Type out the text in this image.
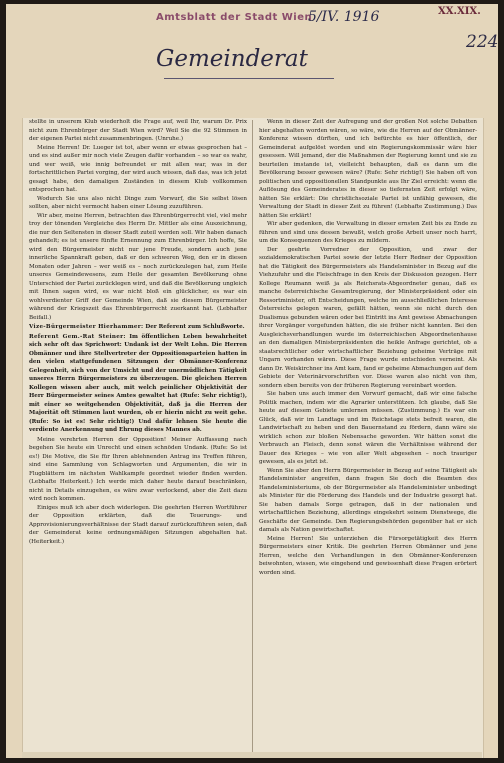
Amtsblatt der Stadt Wien
5/IV. 1916	XX.XIX.
224
Gemeinderat

stellte in unserem Klub wiederholt die Frage auf, weil Ihr, warum Dr. Prix nicht zum Ehrenbürger der Stadt Wien wird? Weil Sie die 92 Stimmen in der eigenen Partei nicht zusammenbringen. (Unruhe.)

Meine Herren! Dr. Lueger ist tot, aber wenn er etwas gesprochen hat – und es sind außer mir noch viele Zeugen dafür vorhanden – so war es wahr, und wer weiß, wie innig befreundet er mit allen war, was in der fortschrittlichen Partei vorging, der wird auch wissen, daß das, was ich jetzt gesagt habe, den damaligen Zuständen in diesem Klub vollkommen entsprochen hat.

Wodurch Sie uns also nicht Dinge zum Vorwurf, die Sie selbst lösen sollten, aber nicht vermocht haben einer Lösung zuzuführen.

Wir aber, meine Herren, betrachten das Ehrenbürgerrecht viel, viel mehr troy der tönenden Vergleiche des Herrn Dr. Mittler als eine Auszeichnung, die nur den Seltensten in dieser Stadt zuteil werden soll. Wir haben danach gehandelt; es ist unsere fünfte Ernennung zum Ehrenbürger. Ich hoffe, Sie wird den Bürgermeister nicht nur jene Freude, sondern auch jene innerliche Spannkraft geben, daß er den schweren Weg, den er in diesen Monaten oder Jahren – wer weiß es – noch zurückzulegen hat, zum Heile unseres Gemeindewesens, zum Heile der gesamten Bevölkerung ohne Unterschied der Partei zurücklegen wird, und daß die Bevölkerung ungleich mit Ihnen sagen wird, es war nicht bloß ein glücklicher, es war ein wohlverdienter Griff der Gemeinde Wien, daß sie diesem Bürgermeister während der Kriegszeit das Ehrenbürgerrecht zuerkannt hat. (Lebhafter Beifall.)

Vize-Bürgermeister Hierhammer: Der Referent zum Schlußworte.

Referent Gem.-Rat Steiner: Im öffentlichen Leben bewahrheitet sich sehr oft das Sprichwort: Undank ist der Welt Lohn. Die Herren Obmänner und ihre Stellvertreter der Oppositionsparteien hatten in den vielen stattgefundenen Sitzungen der Obmänner-Konferenz Gelegenheit, sich von der Umsicht und der unermüdlichen Tätigkeit unseres Herrn Bürgermeisters zu überzeugen. Die gleichen Herren Kollegen wissen aber auch, mit welch peinlicher Objektivität der Herr Bürgermeister seines Amtes gewaltet hat (Rufe: Sehr richtig!), mit einer so weitgehenden Objektivität, daß ja die Herren der Majorität oft Stimmen laut wurden, ob er hierin nicht zu weit gehe. (Rufe: So ist es! Sehr richtig!) Und dafür lehnen Sie heute die verdiente Anerkennung und Ehrung dieses Mannes ab.

Meine verehrten Herren der Opposition! Meiner Auffassung nach begehen Sie heute ein Unrecht und einen schnöden Undank. (Rufe: So ist es!) Die Motive, die Sie für Ihren ablehnenden Antrag ins Treffen führen, sind eine Sammlung von Schlagworten und Argumenten, die wir in Flugblättern im nächsten Wahlkampfe geordnet wieder finden werden. (Lebhafte Heiterkeit.) Ich werde mich daher heute darauf beschränken, nicht in Details einzugehen, es wäre zwar verlockend, aber die Zeit dazu wird noch kommen.

Einiges muß ich aber doch widerlegen. Die geehrten Herren Wortführer der Opposition erklärten, daß die Teuerungs- und Approvisionierungsverhältnisse der Stadt darauf zurückzuführen seien, daß der Gemeinderat keine ordnungsmäßigen Sitzungen abgehalten hat. (Heiterkeit.)

Wenn in dieser Zeit der Aufregung und der großen Not solche Debatten hier abgehalten worden wären, so wäre, wie die Herren auf der Obmänner-Konferenz wissen dürften, und ich befürchte es hier öffentlich, der Gemeinderat aufgelöst worden und ein Regierungskommissär wäre hier gesessen. Will jemand, der die Maßnahmen der Regierung kennt und sie zu beurteilen imstande ist, vielleicht behaupten, daß es dann um die Bevölkerung besser gewesen wäre? (Rufe: Sehr richtig!) Sie haben oft von politischen und oppositionellen Standpunkte aus Ihr Ziel erreicht: wenn die Auflösung des Gemeinderates in dieser so tiefernsten Zeit erfolgt wäre, hätten Sie erklärt: Die christlichsoziale Partei ist unfähig gewesen, die Verwaltung der Stadt in dieser Zeit zu führen! (Lebhafte Zustimmung.) Das hätten Sie erklärt!

Wir aber gedenken, die Verwaltung in dieser ernsten Zeit bis zu Ende zu führen und sind uns dessen bewußt, welch große Arbeit unser noch harrt, um die Konsequenzen des Krieges zu mildern.

Der geehrte Vorredner der Opposition, und zwar der sozialdemokratischen Partei sowie der letzte Herr Redner der Opposition hat die Tätigkeit des Bürgermeisters als Handelsminister in Bezug auf die Viehzufuhr und die Fleischfrage in den Kreis der Diskussion gezogen. Herr Kollege Reumann weiß ja als Reichsrats-Abgeordneter genau, daß es manche österreichische Gesamtregierung, der Ministerpräsident oder ein Ressortminister, oft Entscheidungen, welche im ausschließlichen Interesse Österreichs gelegen waren, gefällt hätten, wenn sie nicht durch den Dualismus gebunden wären oder bei Eintritt ins Amt gewisse Abmachungen ihrer Vorgänger vorgefunden hätten, die sie früher nicht kannten. Bei den Ausgleichsverhandlungen wurde im österreichischen Abgeordnetenhause an den damaligen Ministerpräsidenten die heikle Anfrage gerichtet, ob a staatsrechtlicher oder wirtschaftlicher Beziehung geheime Verträge mit Ungarn vorhanden wären. Diese Frage wurde entschieden verneint. Als dann Dr. Weiskirchner ins Amt kam, fand er geheime Abmachungen auf dem Gebiete der Veterinärvorschriften vor. Diese waren also nicht von ihm, sondern eben bereits von der früheren Regierung vereinbart worden.

Sie haben uns auch immer den Vorwurf gemacht, daß wir eine falsche Politik machen, indem wir die Agrarier unterstützen. Ich glaube, daß Sie heute auf diesem Gebiete umlernen müssen. (Zustimmung.) Es war ein Glück, daß wir im Landtage und im Reichstage stets befreit waren, die Landwirtschaft zu heben und den Bauernstand zu fördern, dann wäre sie wirklich schon zur bloßen Nebensache geworden. Wir hätten sonst die Verbrauch an Fleisch, denn sonst wären die Verhältnisse während der Dauer des Krieges – wie von aller Welt abgesehen – noch trauriger gewesen, als es jetzt ist.

Wenn Sie aber den Herrn Bürgermeister in Bezug auf seine Tätigkeit als Handelsminister angreifen, dann fragen Sie doch die Beamten des Handelsministeriums, ob der Bürgermeister als Handelsminister unbedingt als Minister für die Förderung des Handels und der Industrie gesorgt hat. Sie haben damals Sorge getragen, daß in der nationalen und wirtschaftlichen Beziehung, allerdings eingekehrt seinem Dienstwege, die Geschäfte der Gemeinde. Den Regierungsbehörden gegenüber hat er sich damals als Nation gewirtschaftet.

Meine Herren! Sie unterziehen die Fürsorgetätigkeit des Herrn Bürgermeisters einer Kritik. Die geehrten Herren Obmänner und jene Herren, welche den Verhandlungen in den Obmänner-Konferenzen beiwohnten, wissen, wie eingehend und gewissenhaft diese Fragen erörtert worden sind.
